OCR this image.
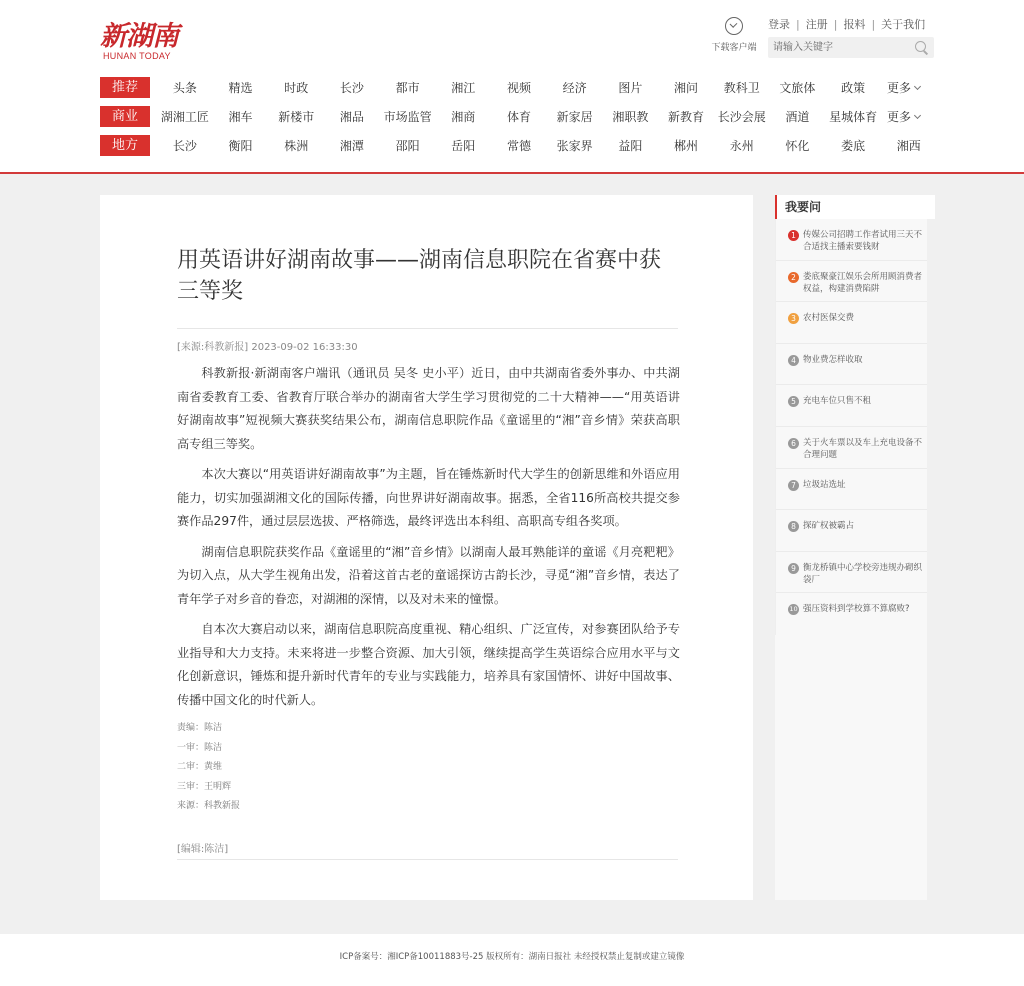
新湖南
HUNAN TODAY
下载客户端
登录 | 注册 | 报料 | 关于我们
请输入关键字
推荐	头条	精选	时政	长沙	都市	湘江	视频	经济	图片	湘问	教科卫	文旅体	政策	更多
商业	湖湘工匠	湘车	新楼市	湘品	市场监管	湘商	体育	新家居	湘职教	新教育	长沙会展	酒道	星城体育 更多
地方	长沙	衡阳	株洲	湘潭	邵阳	岳阳	常德	张家界	益阳	郴州	永州	怀化	娄底	湘西
用英语讲好湖南故事——湖南信息职院在省赛中获三等奖
[来源:科教新报] 2023-09-02 16:33:30

科教新报·新湖南客户端讯（通讯员 吴冬 史小平）近日，由中共湖南省委外事办、中共湖南省委教育工委、省教育厅联合举办的湖南省大学生学习贯彻党的二十大精神——“用英语讲好湖南故事”短视频大赛获奖结果公布，湖南信息职院作品《童谣里的“湘”音乡情》荣获高职高专组三等奖。

本次大赛以“用英语讲好湖南故事”为主题，旨在锤炼新时代大学生的创新思维和外语应用能力，切实加强湖湘文化的国际传播，向世界讲好湖南故事。据悉，全省116所高校共提交参赛作品297件，通过层层选拔、严格筛选，最终评选出本科组、高职高专组各奖项。

湖南信息职院获奖作品《童谣里的“湘”音乡情》以湖南人最耳熟能详的童谣《月亮粑粑》为切入点，从大学生视角出发，沿着这首古老的童谣探访古韵长沙，寻觅“湘”音乡情，表达了青年学子对乡音的眷恋，对湖湘的深情，以及对未来的憧憬。

自本次大赛启动以来，湖南信息职院高度重视、精心组织、广泛宣传，对参赛团队给予专业指导和大力支持。未来将进一步整合资源、加大引领，继续提高学生英语综合应用水平与文化创新意识，锤炼和提升新时代青年的专业与实践能力，培养具有家国情怀、讲好中国故事、传播中国文化的时代新人。

责编：陈洁
一审：陈洁
二审：黄维
三审：王明辉
来源：科教新报
[编辑:陈洁]
我要问
1 传媒公司招聘工作者试用三天不合适找主播索要钱财
2 娄底聚豪江娱乐会所用顾消费者权益，构建消费陷阱
3 农村医保交费
4 物业费怎样收取
5 充电车位只售不租
6 关于火车票以及车上充电设备不合理问题
7 垃圾站选址
8 探矿权被霸占
9 衡龙桥镇中心学校旁违规办砌织袋厂
10 强压资料到学校算不算腐败?
ICP备案号：湘ICP备10011883号-25 版权所有：湖南日报社 未经授权禁止复制或建立镜像
